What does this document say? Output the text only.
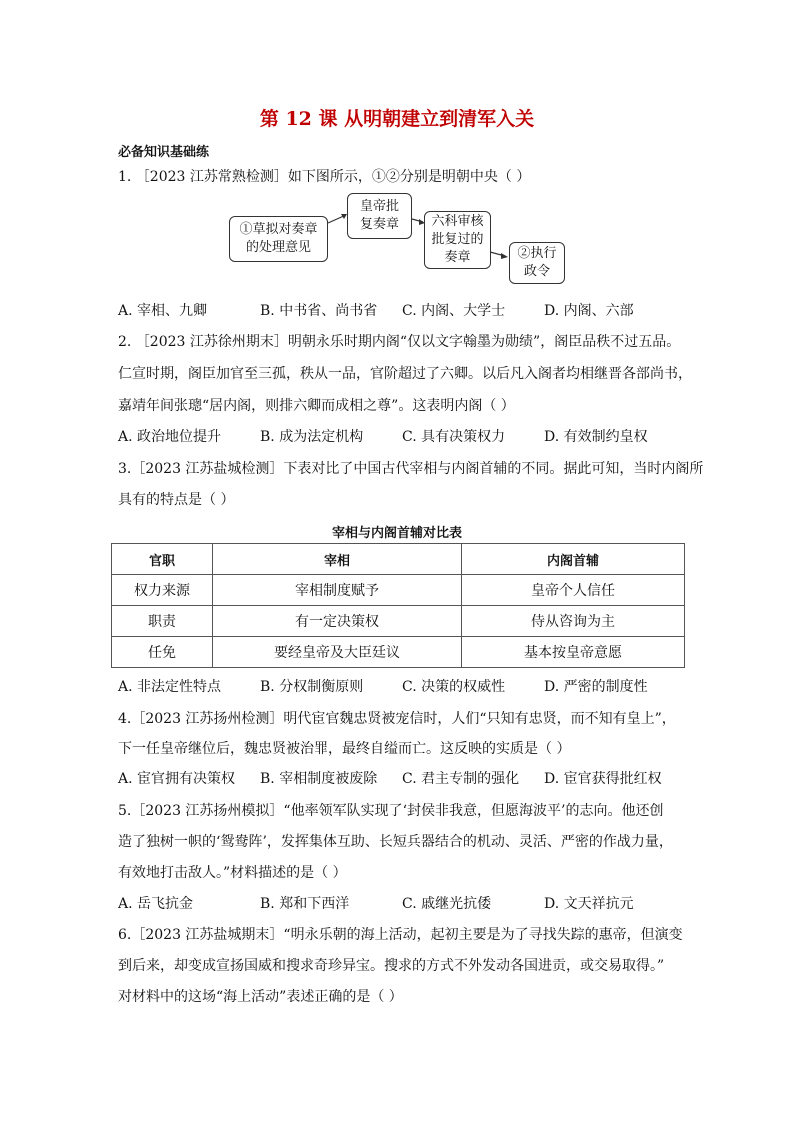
第 12 课 从明朝建立到清军入关
必备知识基础练
1. ［2023 江苏常熟检测］如下图所示，①②分别是明朝中央（ ）
①草拟对奏章
的处理意见
皇帝批
复奏章 六科审核
批复过的
奏章	②执行
政令
A. 宰相、九卿	B. 中书省、尚书省	C. 内阁、大学士	D. 内阁、六部
2. ［2023 江苏徐州期末］明朝永乐时期内阁“仅以文字翰墨为勋绩”，阁臣品秩不过五品。
仁宣时期，阁臣加官至三孤，秩从一品，官阶超过了六卿。以后凡入阁者均相继晋各部尚书，
嘉靖年间张璁“居内阁，则排六卿而成相之尊”。这表明内阁（ ）
A. 政治地位提升	B. 成为法定机构	C. 具有决策权力	D. 有效制约皇权
3.［2023 江苏盐城检测］下表对比了中国古代宰相与内阁首辅的不同。据此可知，当时内阁所
具有的特点是（ ）
宰相与内阁首辅对比表
官职	宰相	内阁首辅
权力来源	宰相制度赋予	皇帝个人信任
职责	有一定决策权	侍从咨询为主
任免	要经皇帝及大臣廷议	基本按皇帝意愿
A. 非法定性特点	B. 分权制衡原则	C. 决策的权威性	D. 严密的制度性
4.［2023 江苏扬州检测］明代宦官魏忠贤被宠信时，人们“只知有忠贤，而不知有皇上”，
下一任皇帝继位后，魏忠贤被治罪，最终自缢而亡。这反映的实质是（ ）
A. 宦官拥有决策权	B. 宰相制度被废除	C. 君主专制的强化	D. 宦官获得批红权
5.［2023 江苏扬州模拟］“他率领军队实现了‘封侯非我意，但愿海波平’的志向。他还创
造了独树一帜的‘鸳鸯阵’，发挥集体互助、长短兵器结合的机动、灵活、严密的作战力量，
有效地打击敌人。”材料描述的是（ ）
A. 岳飞抗金	B. 郑和下西洋	C. 戚继光抗倭	D. 文天祥抗元
6.［2023 江苏盐城期末］“明永乐朝的海上活动，起初主要是为了寻找失踪的惠帝，但演变
到后来，却变成宣扬国威和搜求奇珍异宝。搜求的方式不外发动各国进贡，或交易取得。”
对材料中的这场“海上活动”表述正确的是（ ）
